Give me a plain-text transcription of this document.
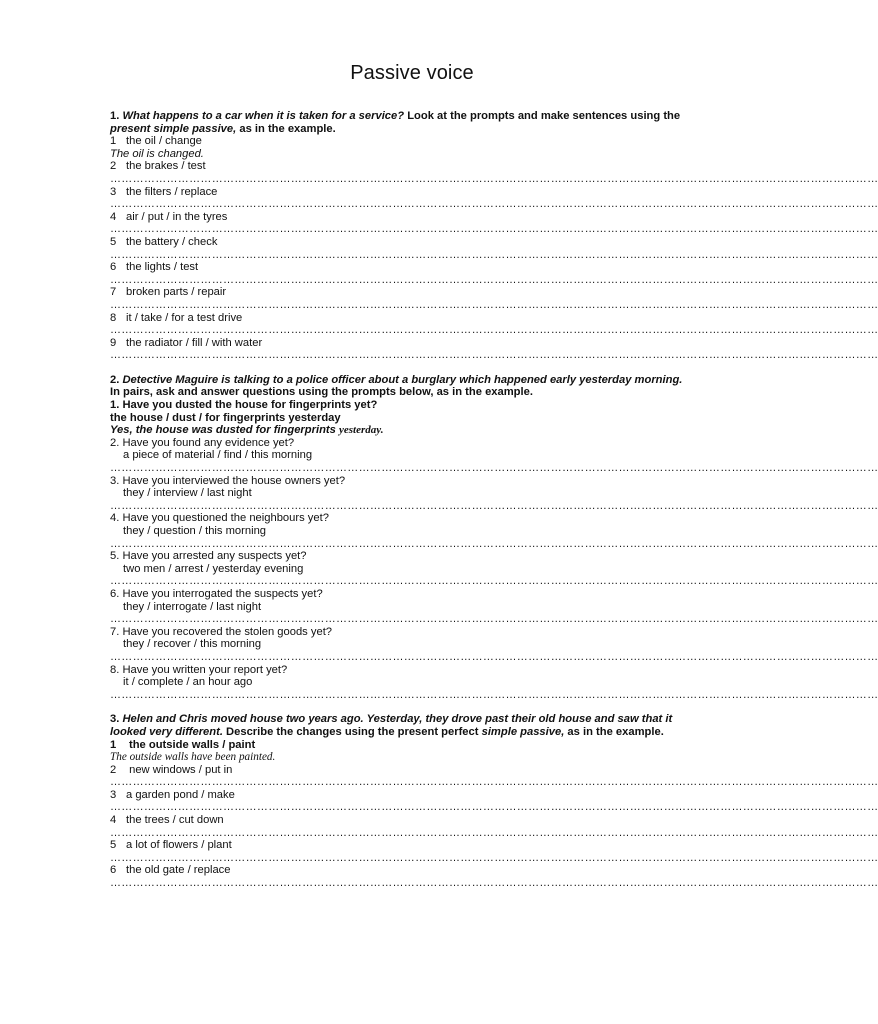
Passive voice
1. What happens to a car when it is taken for a service? Look at the prompts and make sentences using the
present simple passive, as in the example.
1 the oil / change
The oil is changed.
2 the brakes / test
……………………………………………………………………………………………………………………………………………………………………………………
3 the filters / replace
……………………………………………………………………………………………………………………………………………………………………………………
4 air / put / in the tyres
……………………………………………………………………………………………………………………………………………………………………………………
5 the battery / check
……………………………………………………………………………………………………………………………………………………………………………………
6 the lights / test
……………………………………………………………………………………………………………………………………………………………………………………
7 broken parts / repair
……………………………………………………………………………………………………………………………………………………………………………………
8 it / take / for a test drive
……………………………………………………………………………………………………………………………………………………………………………………
9 the radiator / fill / with water
……………………………………………………………………………………………………………………………………………………………………………………
2. Detective Maguire is talking to a police officer about a burglary which happened early yesterday morning.
In pairs, ask and answer questions using the prompts below, as in the example.
1. Have you dusted the house for fingerprints yet?
the house / dust / for fingerprints yesterday
Yes, the house was dusted for fingerprints yesterday.
2. Have you found any evidence yet?
a piece of material / find / this morning
……………………………………………………………………………………………………………………………………………………………………………………
3. Have you interviewed the house owners yet?
they / interview / last night
……………………………………………………………………………………………………………………………………………………………………………………
4. Have you questioned the neighbours yet?
they / question / this morning
……………………………………………………………………………………………………………………………………………………………………………………
5. Have you arrested any suspects yet?
two men / arrest / yesterday evening
……………………………………………………………………………………………………………………………………………………………………………………
6. Have you interrogated the suspects yet?
they / interrogate / last night
……………………………………………………………………………………………………………………………………………………………………………………
7. Have you recovered the stolen goods yet?
they / recover / this morning
……………………………………………………………………………………………………………………………………………………………………………………
8. Have you written your report yet?
it / complete / an hour ago
……………………………………………………………………………………………………………………………………………………………………………………
3. Helen and Chris moved house two years ago. Yesterday, they drove past their old house and saw that it
looked very different. Describe the changes using the present perfect simple passive, as in the example.
1 the outside walls / paint
The outside walls have been painted.
2 new windows / put in
……………………………………………………………………………………………………………………………………………………………………………………
3 a garden pond / make
……………………………………………………………………………………………………………………………………………………………………………………
4 the trees / cut down
……………………………………………………………………………………………………………………………………………………………………………………
5 a lot of flowers / plant
……………………………………………………………………………………………………………………………………………………………………………………
6 the old gate / replace
……………………………………………………………………………………………………………………………………………………………………………………
